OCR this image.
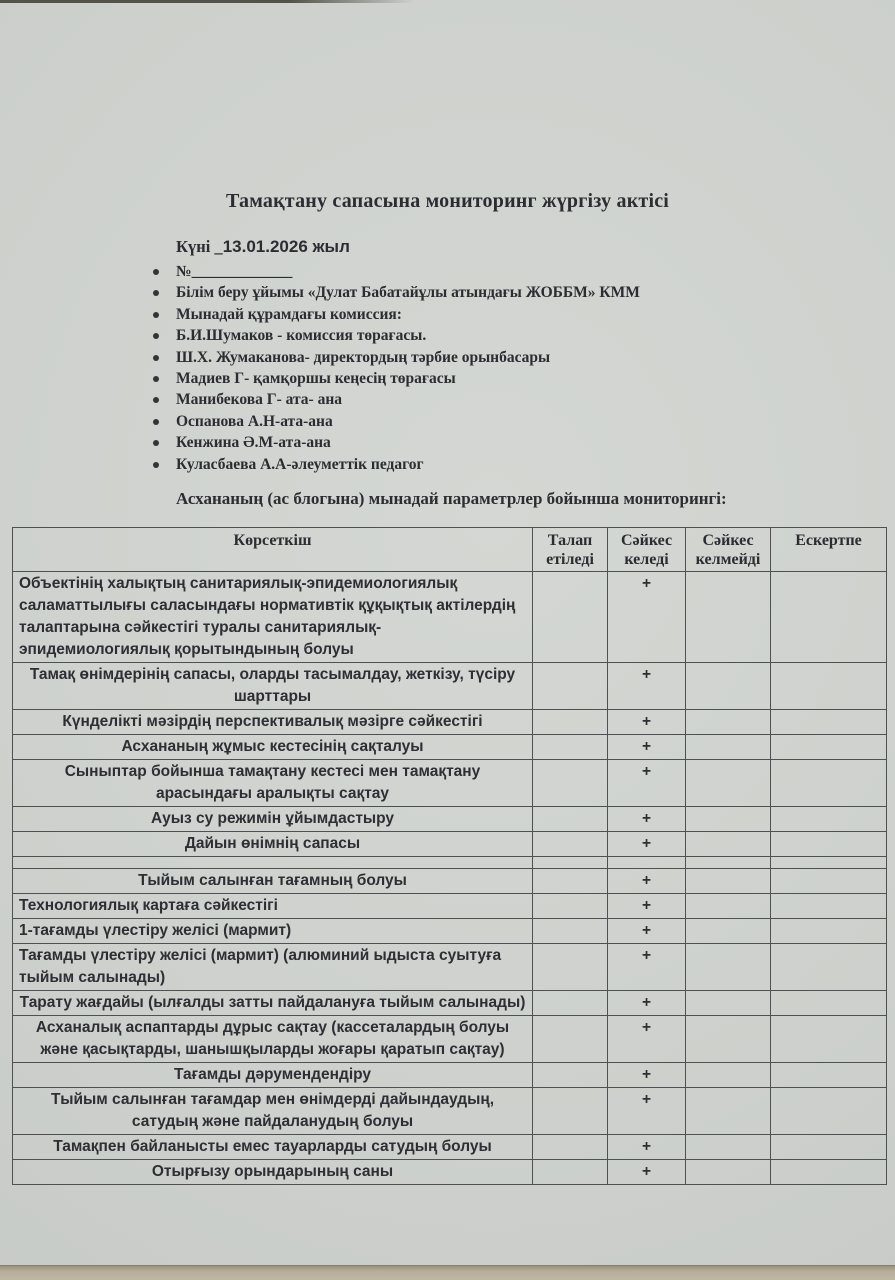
Тамақтану сапасына мониторинг жүргізу актісі
Күні _13.01.2026 жыл
№_____________
Білім беру ұйымы «Дулат Бабатайұлы атындағы ЖОББМ» КММ
Мынадай құрамдағы комиссия:
Б.И.Шумаков - комиссия төрағасы.
Ш.Х. Жумаканова- директордың тәрбие орынбасары
Мадиев Г- қамқоршы кеңесің төрағасы
Манибекова Г- ата- ана
Оспанова А.Н-ата-ана
Кенжина Ә.М-ата-ана
Куласбаева А.А-әлеуметтік педагог
Асхананың (ас блогына) мынадай параметрлер бойынша мониторингі:
Көрсеткіш	Талап етіледі	Сәйкес келеді	Сәйкес келмейді	Ескертпе
Объектінің халықтың санитариялық-эпидемиологиялық саламаттылығы саласындағы нормативтік құқықтық актілердің талаптарына сәйкестігі туралы санитариялық-эпидемиологиялық қорытындының болуы		+		
Тамақ өнімдерінің сапасы, оларды тасымалдау, жеткізу, түсіру шарттары		+		
Күнделікті мәзірдің перспективалық мәзірге сәйкестігі		+		
Асхананың жұмыс кестесінің сақталуы		+		
Сыныптар бойынша тамақтану кестесі мен тамақтану арасындағы аралықты сақтау		+		
Ауыз су режимін ұйымдастыру		+		
Дайын өнімнің сапасы		+		

Тыйым салынған тағамның болуы		+		
Технологиялық картаға сәйкестігі		+		
1-тағамды үлестіру желісі (мармит)		+		
Тағамды үлестіру желісі (мармит) (алюминий ыдыста суытуға тыйым салынады)		+		
Тарату жағдайы (ылғалды затты пайдалануға тыйым салынады)		+		
Асханалық аспаптарды дұрыс сақтау (кассеталардың болуы және қасықтарды, шанышқыларды жоғары қаратып сақтау)		+		
Тағамды дәрумендендіру		+		
Тыйым салынған тағамдар мен өнімдерді дайындаудың, сатудың және пайдаланудың болуы		+		
Тамақпен байланысты емес тауарларды сатудың болуы		+		
Отырғызу орындарының саны		+		
